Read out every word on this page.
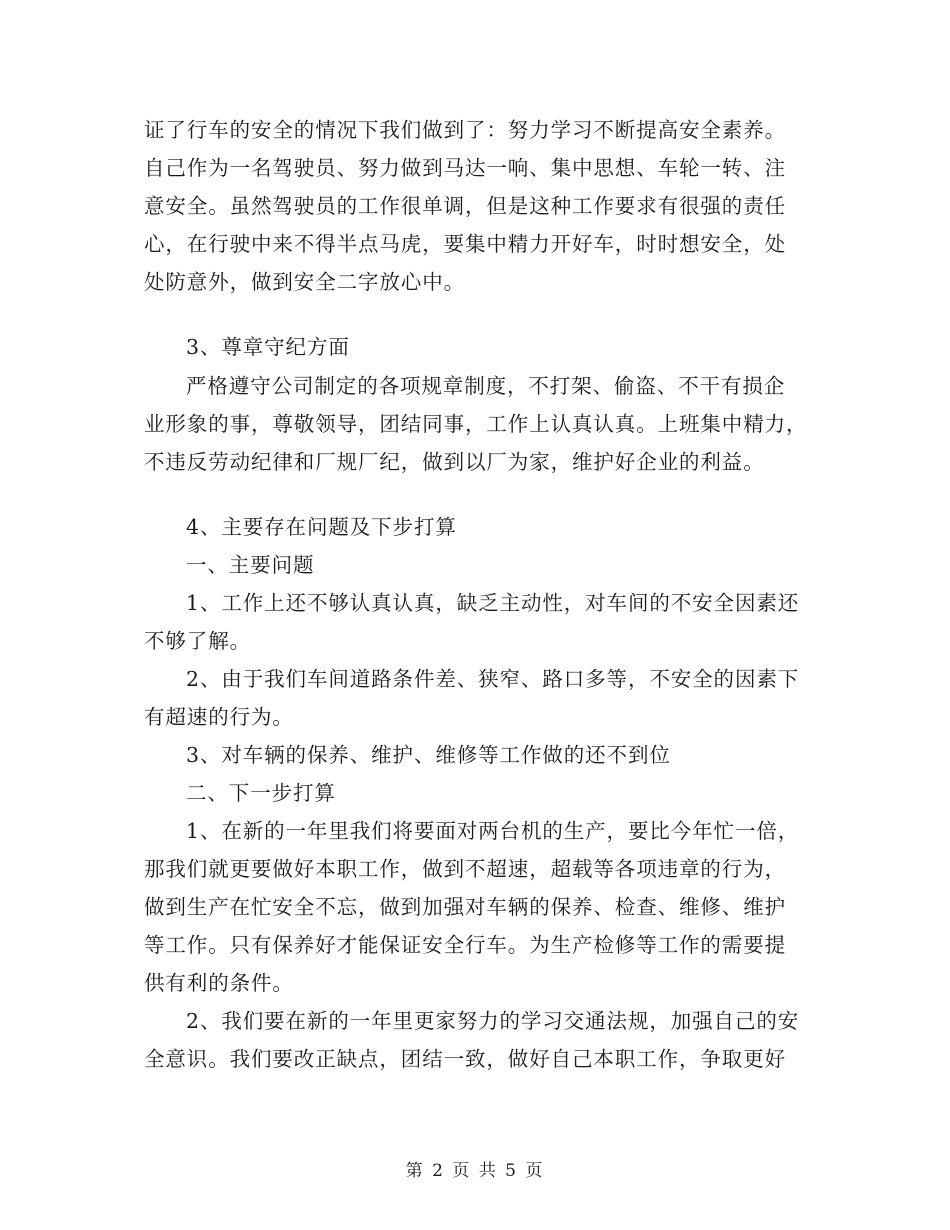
证了行车的安全的情况下我们做到了：努力学习不断提高安全素养。
自己作为一名驾驶员、努力做到马达一响、集中思想、车轮一转、注
意安全。虽然驾驶员的工作很单调，但是这种工作要求有很强的责任
心，在行驶中来不得半点马虎，要集中精力开好车，时时想安全，处
处防意外，做到安全二字放心中。
3、尊章守纪方面
严格遵守公司制定的各项规章制度，不打架、偷盗、不干有损企
业形象的事，尊敬领导，团结同事，工作上认真认真。上班集中精力，
不违反劳动纪律和厂规厂纪，做到以厂为家，维护好企业的利益。
4、主要存在问题及下步打算
一、主要问题
1、工作上还不够认真认真，缺乏主动性，对车间的不安全因素还
不够了解。
2、由于我们车间道路条件差、狭窄、路口多等，不安全的因素下
有超速的行为。
3、对车辆的保养、维护、维修等工作做的还不到位
二、下一步打算
1、在新的一年里我们将要面对两台机的生产，要比今年忙一倍，
那我们就更要做好本职工作，做到不超速，超载等各项违章的行为，
做到生产在忙安全不忘，做到加强对车辆的保养、检查、维修、维护
等工作。只有保养好才能保证安全行车。为生产检修等工作的需要提
供有利的条件。
2、我们要在新的一年里更家努力的学习交通法规，加强自己的安
全意识。我们要改正缺点，团结一致，做好自己本职工作，争取更好
第 2 页 共 5 页
